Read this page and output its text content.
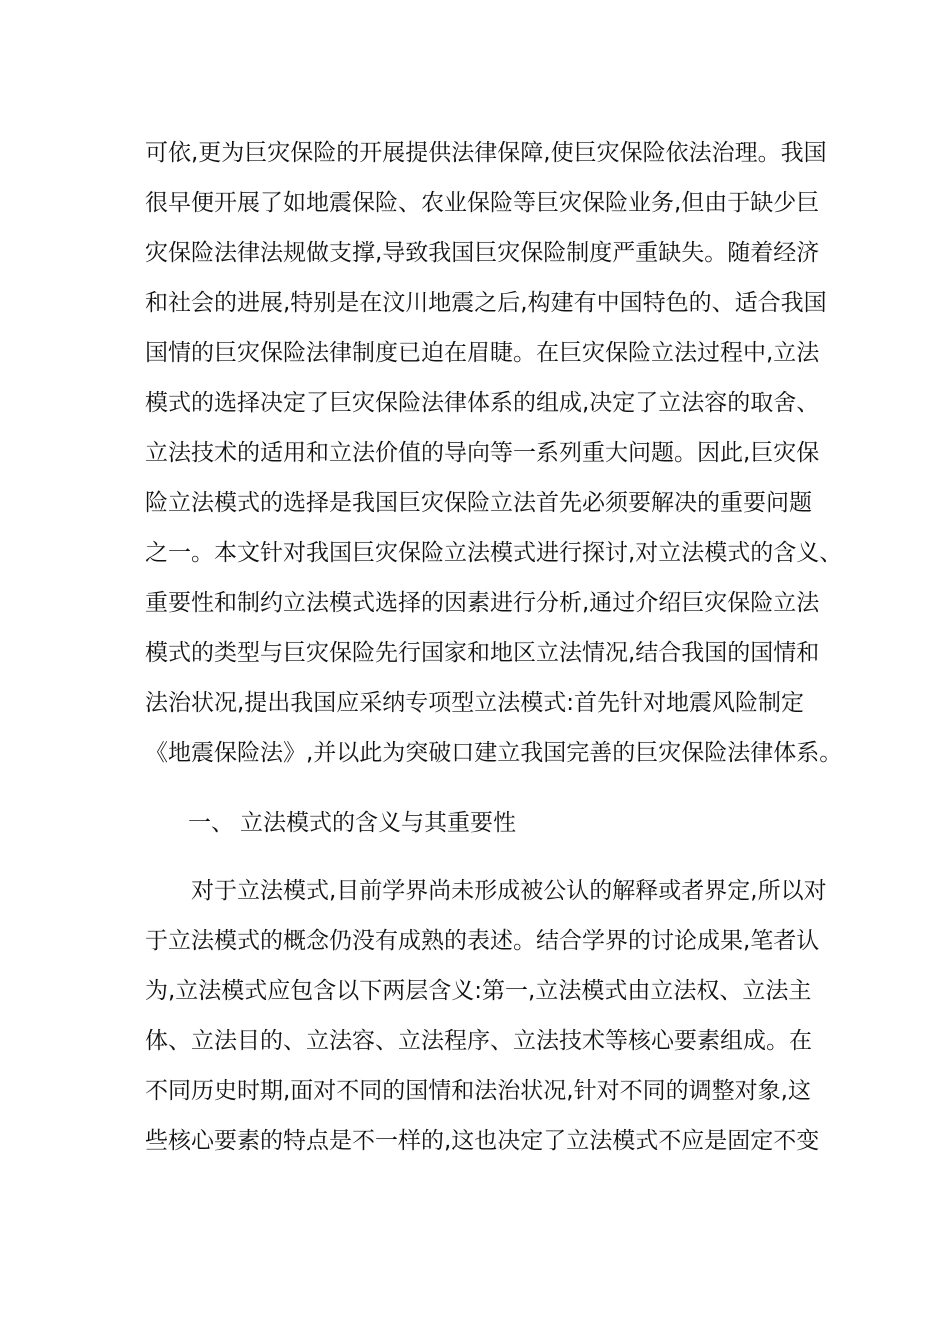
可依,更为巨灾保险的开展提供法律保障,使巨灾保险依法治理。我国
很早便开展了如地震保险、农业保险等巨灾保险业务,但由于缺少巨
灾保险法律法规做支撑,导致我国巨灾保险制度严重缺失。随着经济
和社会的进展,特别是在汶川地震之后,构建有中国特色的、适合我国
国情的巨灾保险法律制度已迫在眉睫。在巨灾保险立法过程中,立法
模式的选择决定了巨灾保险法律体系的组成,决定了立法容的取舍、
立法技术的适用和立法价值的导向等一系列重大问题。因此,巨灾保
险立法模式的选择是我国巨灾保险立法首先必须要解决的重要问题
之一。本文针对我国巨灾保险立法模式进行探讨,对立法模式的含义、
重要性和制约立法模式选择的因素进行分析,通过介绍巨灾保险立法
模式的类型与巨灾保险先行国家和地区立法情况,结合我国的国情和
法治状况,提出我国应采纳专项型立法模式:首先针对地震风险制定
《地震保险法》,并以此为突破口建立我国完善的巨灾保险法律体系。
一、 立法模式的含义与其重要性
对于立法模式,目前学界尚未形成被公认的解释或者界定,所以对
于立法模式的概念仍没有成熟的表述。结合学界的讨论成果,笔者认
为,立法模式应包含以下两层含义:第一,立法模式由立法权、立法主
体、立法目的、立法容、立法程序、立法技术等核心要素组成。在
不同历史时期,面对不同的国情和法治状况,针对不同的调整对象,这
些核心要素的特点是不一样的,这也决定了立法模式不应是固定不变
